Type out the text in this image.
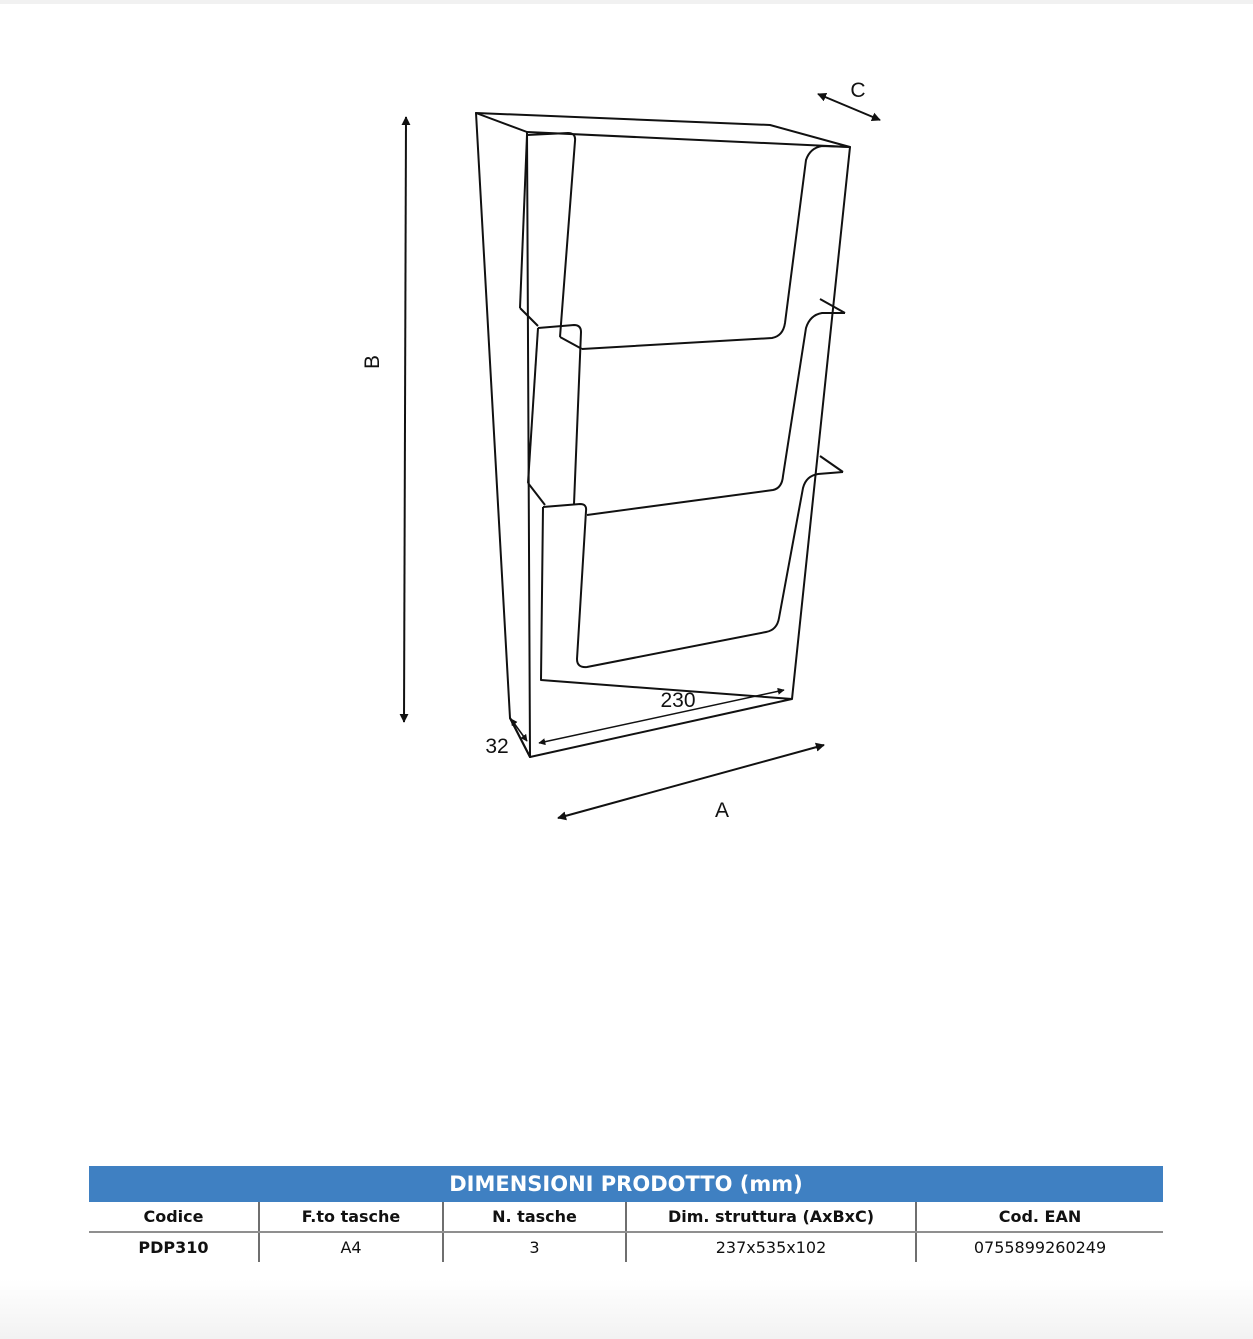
B
C
A
230
32
DIMENSIONI PRODOTTO (mm)				
Codice	F.to tasche	N. tasche	Dim. struttura (AxBxC)	Cod. EAN
PDP310	A4	3	237x535x102	0755899260249
